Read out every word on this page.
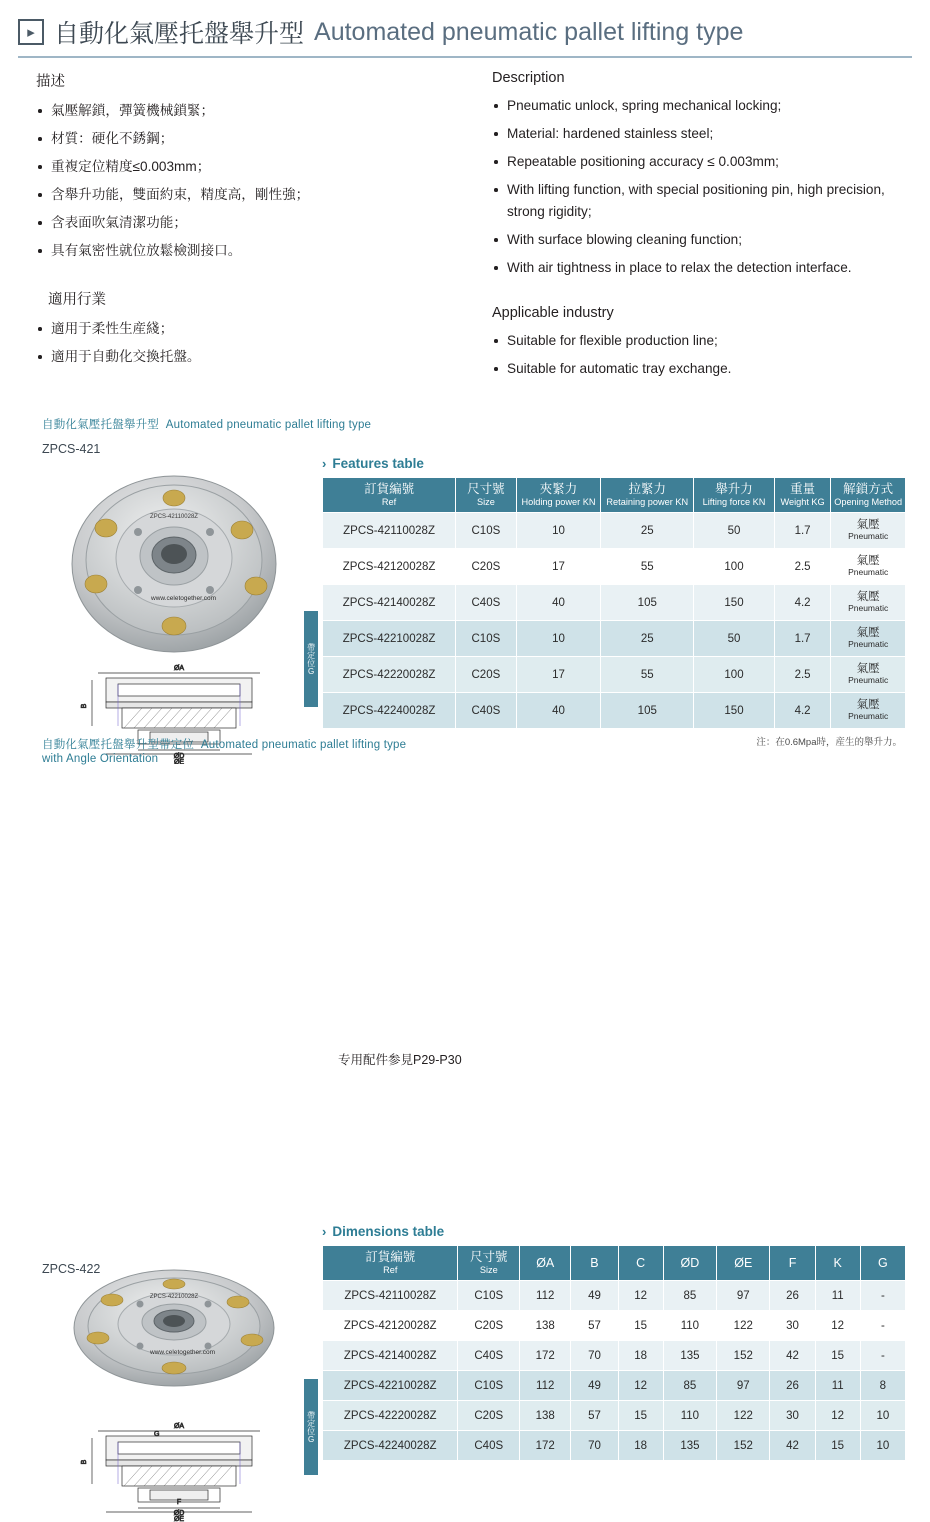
▸ 自動化氣壓托盤舉升型 Automated pneumatic pallet lifting type
描述
氣壓解鎖，彈簧機械鎖緊；
材質：硬化不銹鋼；
重複定位精度≤0.003mm；
含舉升功能，雙面約束，精度高，剛性強；
含表面吹氣清潔功能；
具有氣密性就位放鬆檢測接口。
適用行業
適用于柔性生産綫；
適用于自動化交換托盤。
Description
Pneumatic unlock, spring mechanical locking;
Material: hardened stainless steel;
Repeatable positioning accuracy ≤ 0.003mm;
With lifting function, with special positioning pin, high precision, strong rigidity;
With surface blowing cleaning function;
With air tightness in place to relax the detection interface.
Applicable industry
Suitable for flexible production line;
Suitable for automatic tray exchange.
自動化氣壓托盤舉升型 Automated pneumatic pallet lifting type
ZPCS-421
ZPCS-42110028Z
www.celetogether.com
ØA
ØD
ØE
B
› Features table
帶定位G
訂貨編號
Ref	尺寸號
Size	夾緊力
Holding power KN	拉緊力
Retaining power KN	舉升力
Lifting force KN	重量
Weight KG	解鎖方式
Opening Method

ZPCS-42110028Z	C10S	10	25	50	1.7	氣壓
Pneumatic

ZPCS-42120028Z	C20S	17	55	100	2.5	氣壓
Pneumatic

ZPCS-42140028Z	C40S	40	105	150	4.2	氣壓
Pneumatic

ZPCS-42210028Z	C10S	10	25	50	1.7	氣壓
Pneumatic

ZPCS-42220028Z	C20S	17	55	100	2.5	氣壓
Pneumatic

ZPCS-42240028Z	C40S	40	105	150	4.2	氣壓
Pneumatic
注：在0.6Mpa時，産生的舉升力。
自動化氣壓托盤舉升型帶定位 Automated pneumatic pallet lifting type
with Angle Orientation
ZPCS-422
ZPCS-42210028Z
www.celetogether.com
ØA
ØD
ØE
B
G
F
› Dimensions table
帶定位G
訂貨編號
Ref	尺寸號
Size	ØA	B	C	ØD	ØE	F	K	G

ZPCS-42110028Z	C10S	112	49	12	85	97	26	11	-
ZPCS-42120028Z	C20S	138	57	15	110	122	30	12	-
ZPCS-42140028Z	C40S	172	70	18	135	152	42	15	-
ZPCS-42210028Z	C10S	112	49	12	85	97	26	11	8
ZPCS-42220028Z	C20S	138	57	15	110	122	30	12	10
ZPCS-42240028Z	C40S	172	70	18	135	152	42	15	10
专用配件参見P29-P30
